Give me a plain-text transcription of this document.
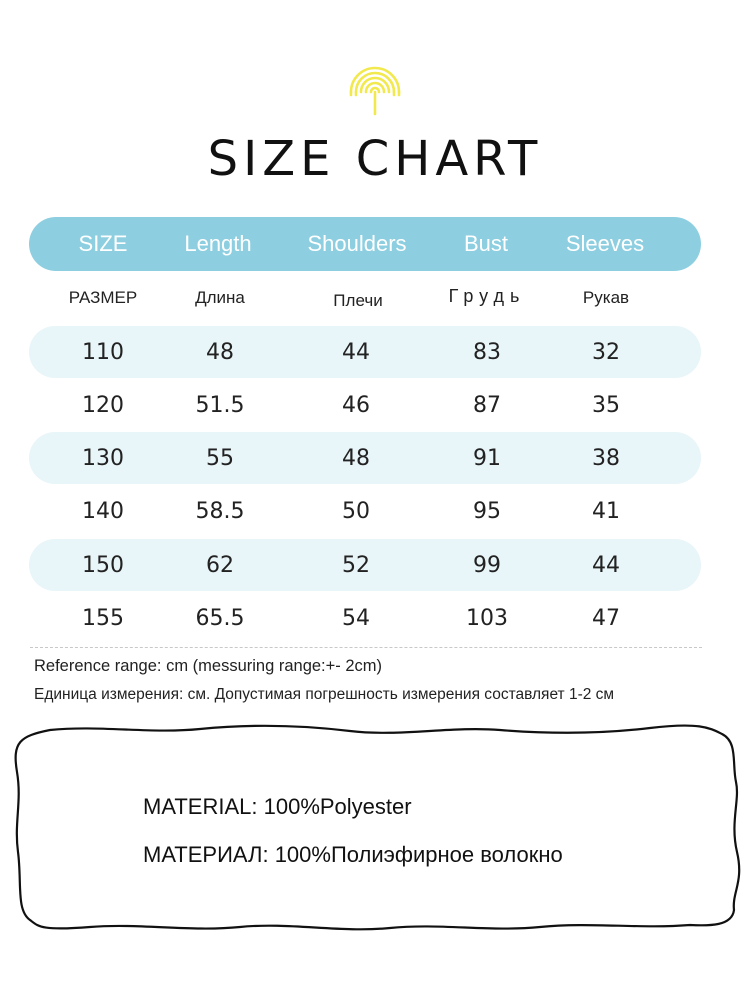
SIZE CHART
SIZE	Length	Shoulders	Bust	Sleeves
РАЗМЕР	Длина	Плечи	Грудь	Рукав
110	48	44	83	32
120	51.5	46	87	35
130	55	48	91	38
140	58.5	50	95	41
150	62	52	99	44
155	65.5	54	103	47
Reference range: cm (messuring range:+- 2cm)
Единица измерения: см. Допустимая погрешность измерения составляет 1-2 см
MATERIAL: 100%Polyester
МАТЕРИАЛ: 100%Полиэфирное волокно
